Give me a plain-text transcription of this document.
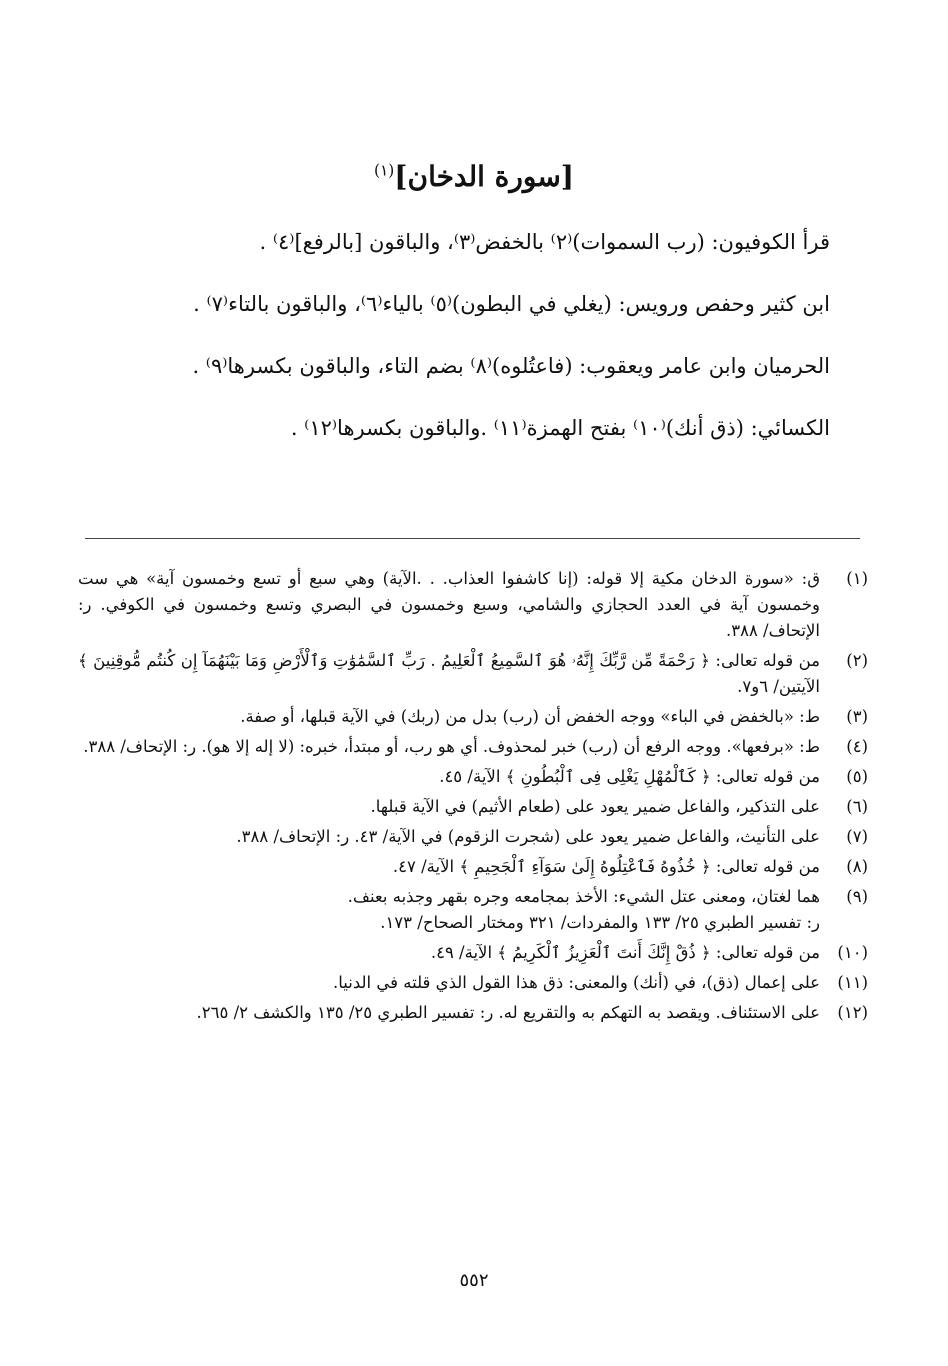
[سورة الدخان]$^{(١)}$
قرأ الكوفيون: (رب السموات)⁽٢⁾ بالخفض⁽٣⁾، والباقون [بالرفع]⁽٤⁾ .
ابن كثير وحفص ورويس: (يغلي في البطون)⁽٥⁾ بالياء⁽٦⁾، والباقون بالتاء⁽٧⁾ .
الحرميان وابن عامر ويعقوب: (فاعتُلوه)⁽٨⁾ بضم التاء، والباقون بكسرها⁽٩⁾ .
الكسائي: (ذق أنك)⁽١٠⁾ بفتح الهمزة⁽١١⁾ .والباقون بكسرها⁽١٢⁾ .
(١)

ق: «سورة الدخان مكية إلا قوله: (إنا كاشفوا العذاب. . .الآية) وهي سبع أو تسع وخمسون آية» هي ست وخمسون آية في العدد الحجازي والشامي، وسبع وخمسون في البصري وتسع وخمسون في الكوفي. ر: الإتحاف/ ٣٨٨.

(٢)

من قوله تعالى: ﴿ رَحْمَةً مِّن رَّبِّكَ إِنَّهُۥ هُوَ ٱلسَّمِيعُ ٱلْعَلِيمُ . رَبِّ ٱلسَّمَٰوَٰتِ وَٱلْأَرْضِ وَمَا بَيْنَهُمَآ إِن كُنتُم مُّوقِنِينَ ﴾ الآيتين/ ٦و٧.

(٣)

ط: «بالخفض في الباء» ووجه الخفض أن (رب) بدل من (ربك) في الآية قبلها، أو صفة.

(٤)

ط: «برفعها». ووجه الرفع أن (رب) خبر لمحذوف. أي هو رب، أو مبتدأ، خبره: (لا إله إلا هو). ر: الإتحاف/ ٣٨٨.

(٥)

من قوله تعالى: ﴿ كَٱلْمُهْلِ يَغْلِى فِى ٱلْبُطُونِ ﴾ الآية/ ٤٥.

(٦)

على التذكير، والفاعل ضمير يعود على (طعام الأثيم) في الآية قبلها.

(٧)

على التأنيث، والفاعل ضمير يعود على (شجرت الزقوم) في الآية/ ٤٣. ر: الإتحاف/ ٣٨٨.

(٨)

من قوله تعالى: ﴿ خُذُوهُ فَٱعْتِلُوهُ إِلَىٰ سَوَآءِ ٱلْجَحِيمِ ﴾ الآية/ ٤٧.

(٩)

هما لغتان، ومعنى عتل الشيء: الأخذ بمجامعه وجره بقهر وجذبه بعنف.

ر: تفسير الطبري ٢٥/ ١٣٣ والمفردات/ ٣٢١ ومختار الصحاح/ ١٧٣.

(١٠)

من قوله تعالى: ﴿ ذُقْ إِنَّكَ أَنتَ ٱلْعَزِيزُ ٱلْكَرِيمُ ﴾ الآية/ ٤٩.

(١١)

على إعمال (ذق)، في (أنك) والمعنى: ذق هذا القول الذي قلته في الدنيا.

(١٢)

على الاستئناف. ويقصد به التهكم به والتقريع له. ر: تفسير الطبري ٢٥/ ١٣٥ والكشف ٢/ ٢٦٥.

٥٥٢
